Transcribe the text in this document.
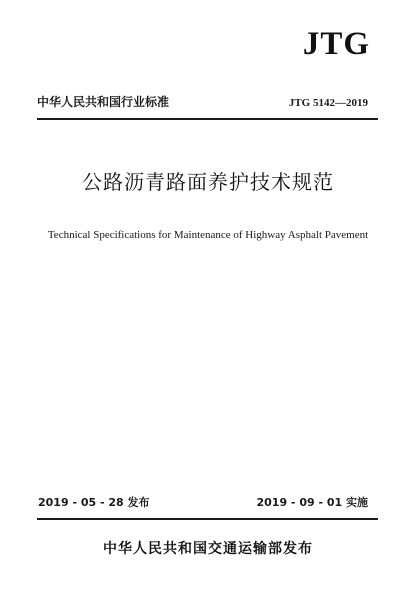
JTG
中华人民共和国行业标准	JTG 5142—2019
公路沥青路面养护技术规范
Technical Specifications for Maintenance of Highway Asphalt Pavement
2019 - 05 - 28 发布	2019 - 09 - 01 实施
中华人民共和国交通运输部发布
